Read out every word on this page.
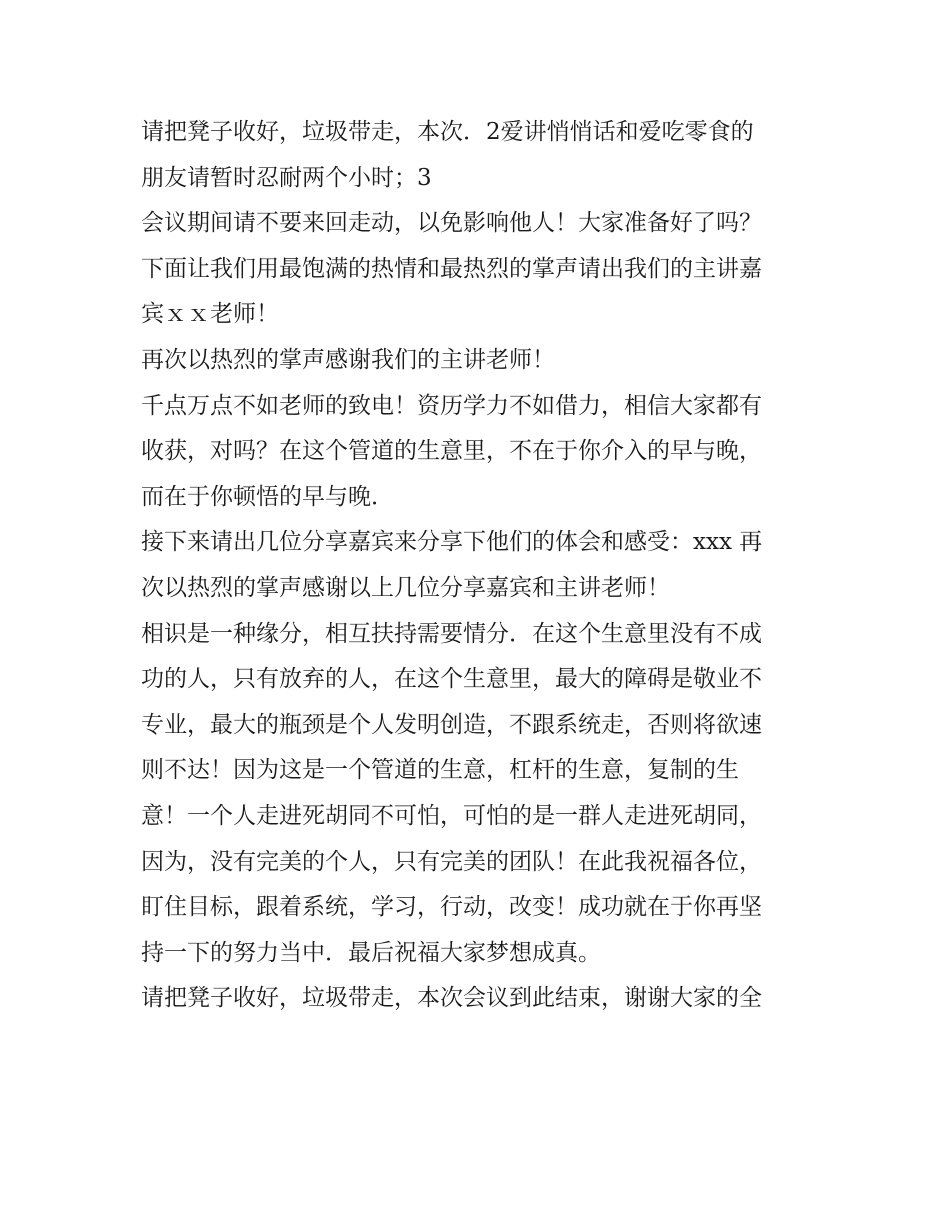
请把凳子收好，垃圾带走，本次．2爱讲悄悄话和爱吃零食的
朋友请暂时忍耐两个小时；3
会议期间请不要来回走动，以免影响他人！大家准备好了吗？
下面让我们用最饱满的热情和最热烈的掌声请出我们的主讲嘉
宾ｘｘ老师！
再次以热烈的掌声感谢我们的主讲老师！
千点万点不如老师的致电！资历学力不如借力，相信大家都有
收获，对吗？在这个管道的生意里，不在于你介入的早与晚，
而在于你顿悟的早与晚．
接下来请出几位分享嘉宾来分享下他们的体会和感受：xxx 再
次以热烈的掌声感谢以上几位分享嘉宾和主讲老师！
相识是一种缘分，相互扶持需要情分．在这个生意里没有不成
功的人，只有放弃的人，在这个生意里，最大的障碍是敬业不
专业，最大的瓶颈是个人发明创造，不跟系统走，否则将欲速
则不达！因为这是一个管道的生意，杠杆的生意，复制的生
意！一个人走进死胡同不可怕，可怕的是一群人走进死胡同，
因为，没有完美的个人，只有完美的团队！在此我祝福各位，
盯住目标，跟着系统，学习，行动，改变！成功就在于你再坚
持一下的努力当中．最后祝福大家梦想成真。
请把凳子收好，垃圾带走，本次会议到此结束，谢谢大家的全
